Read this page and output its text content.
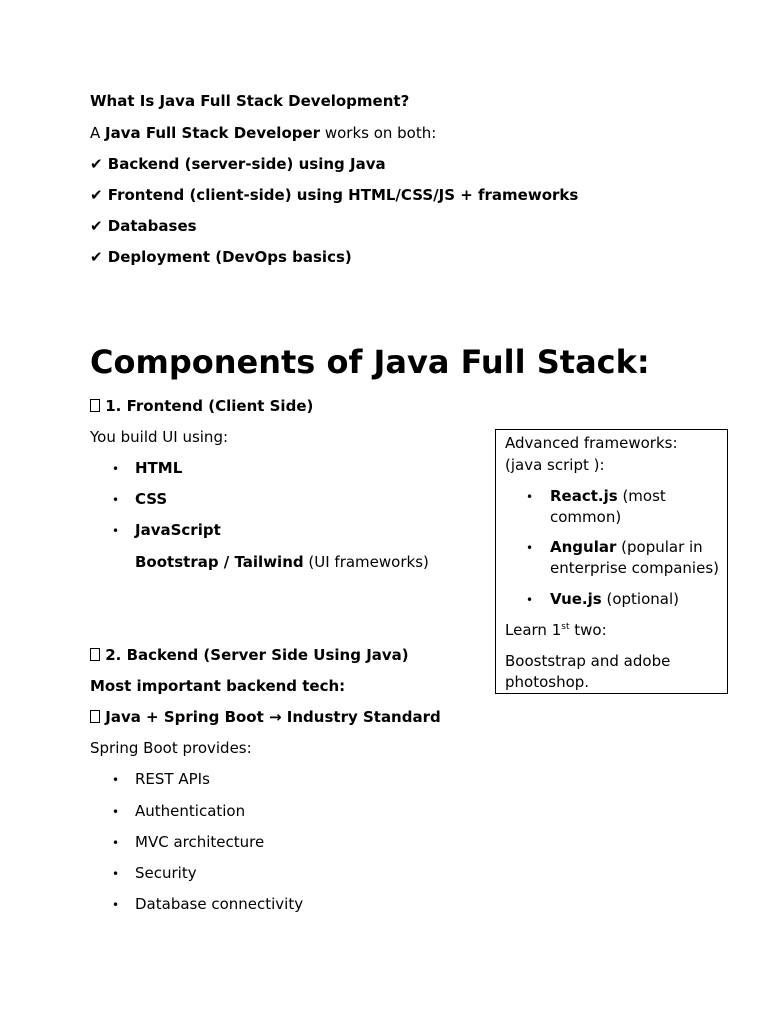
What Is Java Full Stack Development?
A Java Full Stack Developer works on both:
✔ Backend (server-side) using Java
✔ Frontend (client-side) using HTML/CSS/JS + frameworks
✔ Databases
✔ Deployment (DevOps basics)
Components of Java Full Stack:
1. Frontend (Client Side)
You build UI using:
• HTML
• CSS
• JavaScript
Bootstrap / Tailwind (UI frameworks)
2. Backend (Server Side Using Java)
Most important backend tech:
Java + Spring Boot → Industry Standard
Spring Boot provides:
• REST APIs
• Authentication
• MVC architecture
• Security
• Database connectivity
Advanced frameworks:
(java script ):
• React.js (most
common)
• Angular (popular in
enterprise companies)
• Vue.js (optional)
Learn 1st two:
Booststrap and adobe
photoshop.
